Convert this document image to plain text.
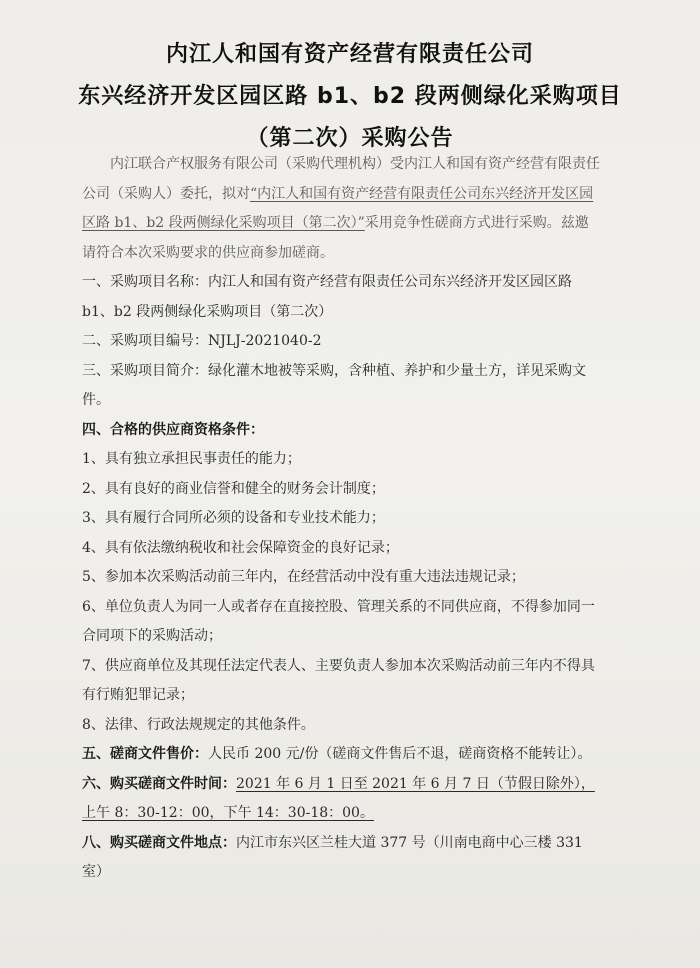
内江人和国有资产经营有限责任公司
东兴经济开发区园区路 b1、b2 段两侧绿化采购项目
（第二次）采购公告

内江联合产权服务有限公司（采购代理机构）受内江人和国有资产经营有限责任公司（采购人）委托，拟对“内江人和国有资产经营有限责任公司东兴经济开发区园区路 b1、b2 段两侧绿化采购项目（第二次）”采用竞争性磋商方式进行采购。兹邀请符合本次采购要求的供应商参加磋商。

一、采购项目名称：内江人和国有资产经营有限责任公司东兴经济开发区园区路 b1、b2 段两侧绿化采购项目（第二次）

二、采购项目编号：NJLJ-2021040-2

三、采购项目简介：绿化灌木地被等采购，含种植、养护和少量土方，详见采购文件。

四、合格的供应商资格条件：

1、具有独立承担民事责任的能力；

2、具有良好的商业信誉和健全的财务会计制度；

3、具有履行合同所必须的设备和专业技术能力；

4、具有依法缴纳税收和社会保障资金的良好记录；

5、参加本次采购活动前三年内，在经营活动中没有重大违法违规记录；

6、单位负责人为同一人或者存在直接控股、管理关系的不同供应商，不得参加同一合同项下的采购活动；

7、供应商单位及其现任法定代表人、主要负责人参加本次采购活动前三年内不得具有行贿犯罪记录；

8、法律、行政法规规定的其他条件。

五、磋商文件售价：人民币 200 元/份（磋商文件售后不退，磋商资格不能转让）。

六、购买磋商文件时间：2021 年 6 月 1 日至 2021 年 6 月 7 日（节假日除外），上午 8：30-12：00，下午 14：30-18：00。

八、购买磋商文件地点：内江市东兴区兰桂大道 377 号（川南电商中心三楼 331 室）
